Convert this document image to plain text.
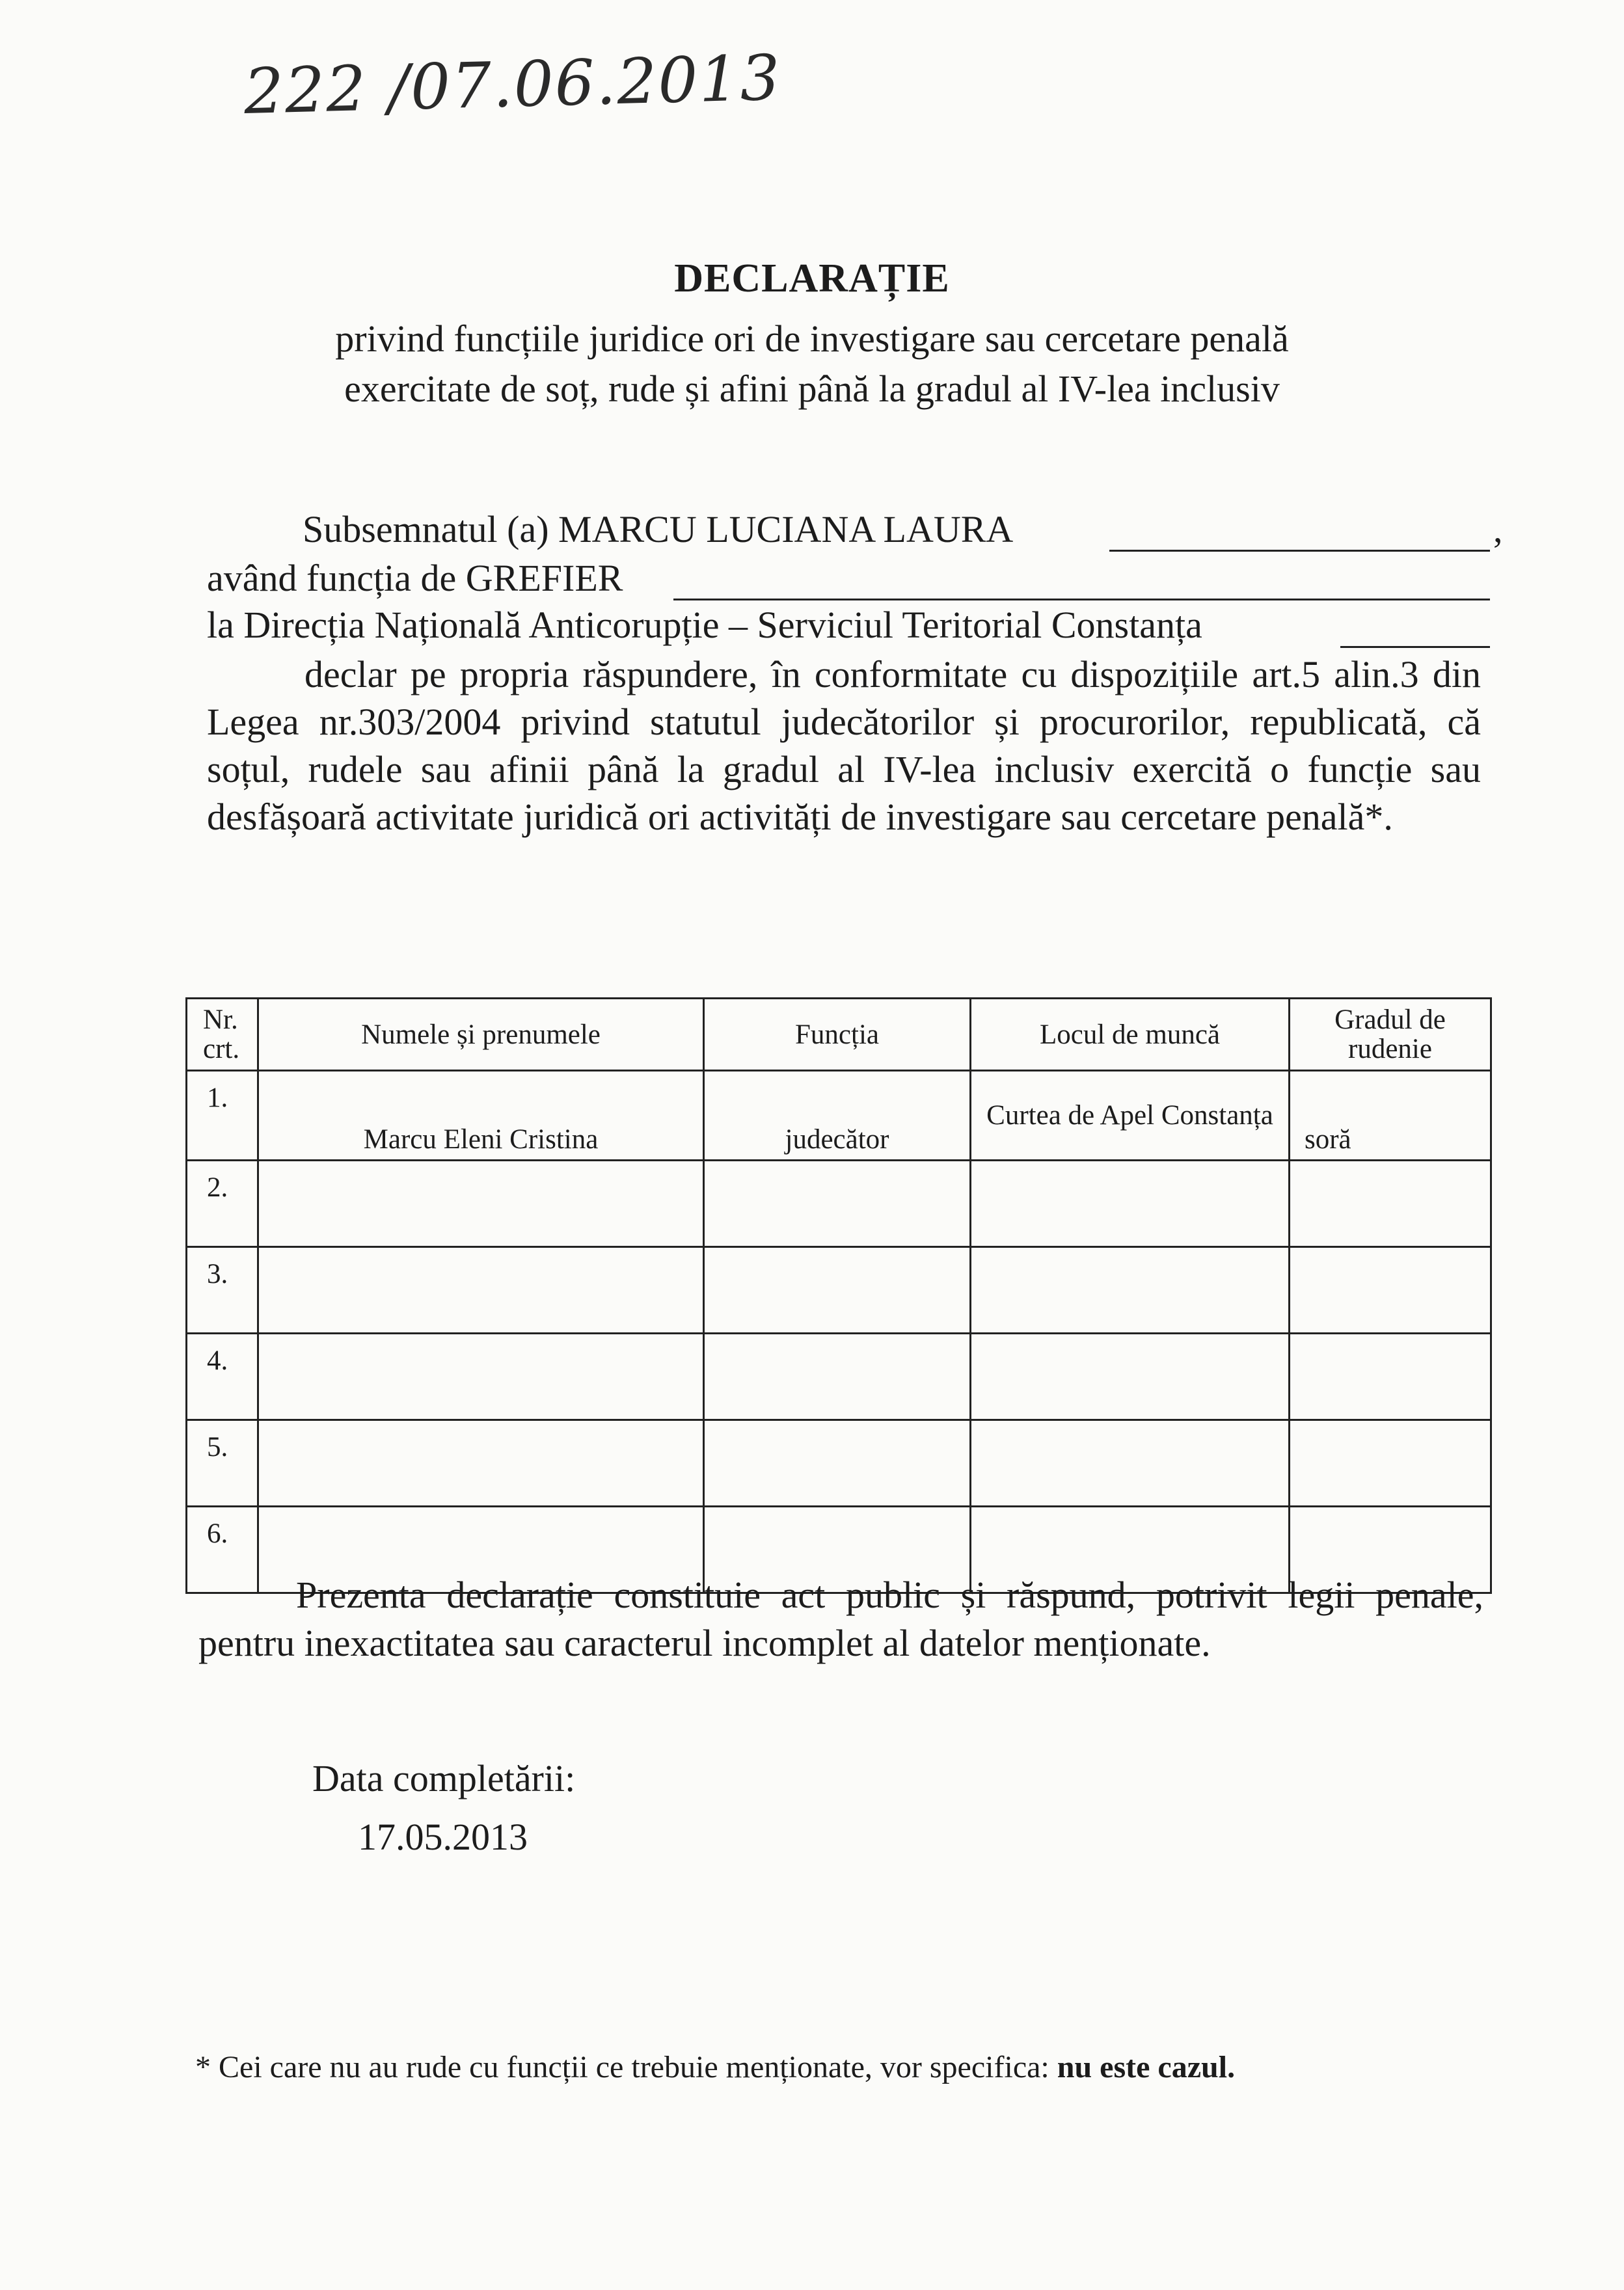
222 /07.06.2013
DECLARAȚIE
privind funcțiile juridice ori de investigare sau cercetare penală
exercitate de soț, rude și afini până la gradul al IV-lea inclusiv
Subsemnatul (a) MARCU LUCIANA LAURA	,
având funcția de GREFIER
la Direcția Națională Anticorupție – Serviciul Teritorial Constanța
declar pe propria răspundere, în conformitate cu dispozițiile art.5 alin.3 din Legea nr.303/2004 privind statutul judecătorilor și procurorilor, republicată, că soțul, rudele sau afinii până la gradul al IV-lea inclusiv exercită o funcție sau desfășoară activitate juridică ori activități de investigare sau cercetare penală*.
Nr. crt.	Numele și prenumele	Funcția	Locul de muncă	Gradul de rudenie
1.	Marcu Eleni Cristina	judecător	Curtea de Apel Constanța	soră
2.				
3.				
4.				
5.				
6.				
Prezenta declarație constituie act public și răspund, potrivit legii penale, pentru inexactitatea sau caracterul incomplet al datelor menționate.
Data completării:
17.05.2013
* Cei care nu au rude cu funcții ce trebuie menționate, vor specifica: nu este cazul.
